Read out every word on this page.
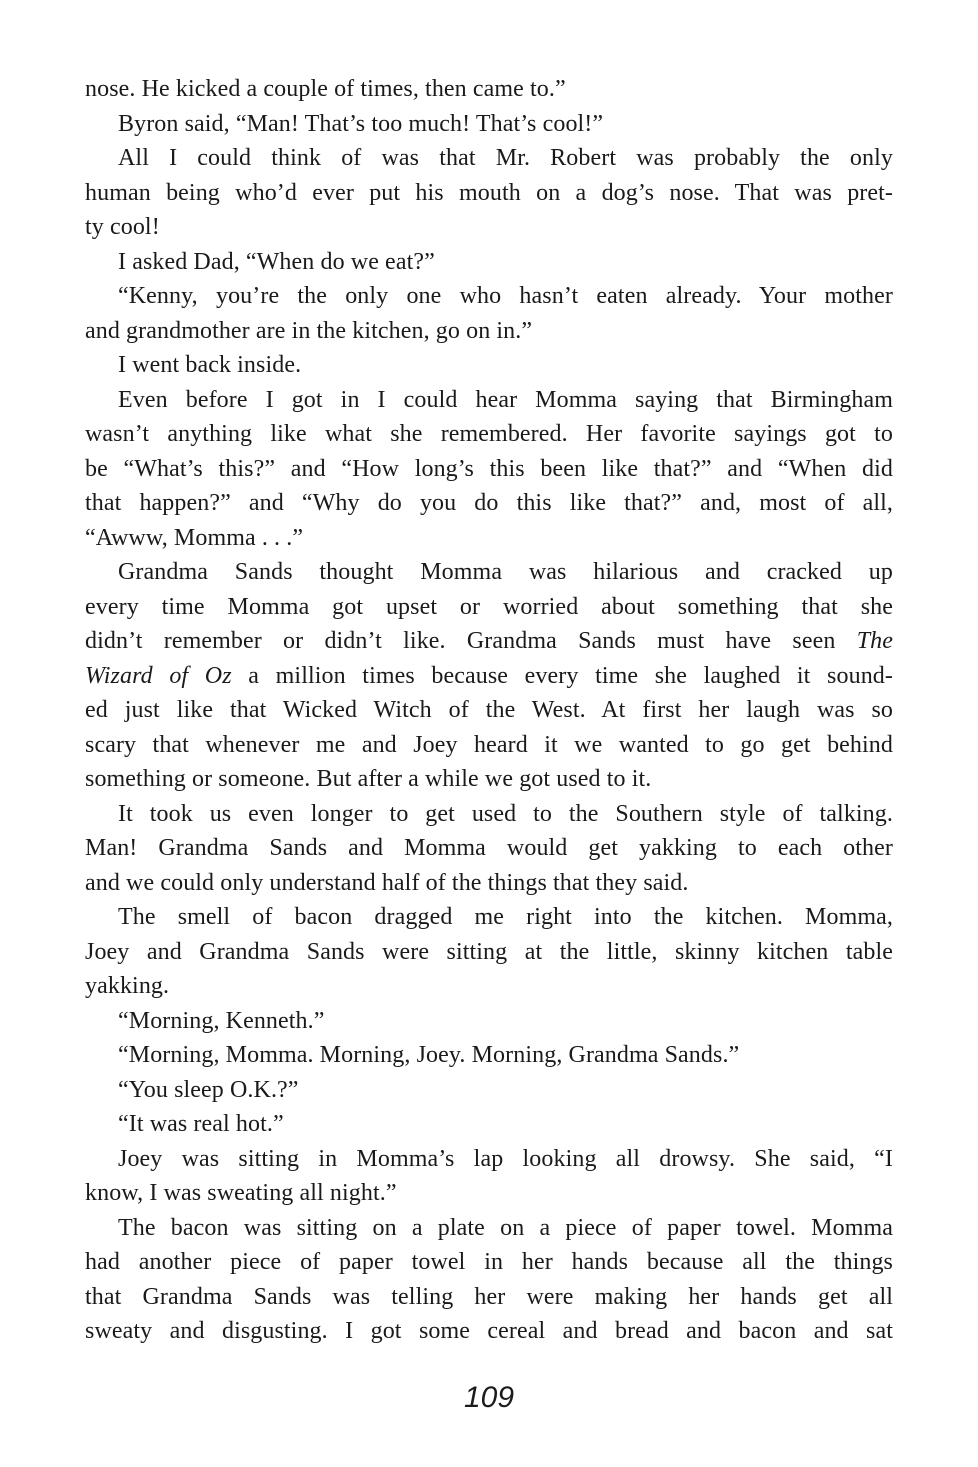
nose. He kicked a couple of times, then came to.”
Byron said, “Man! That’s too much! That’s cool!”
All I could think of was that Mr. Robert was probably the only
human being who’d ever put his mouth on a dog’s nose. That was pret-
ty cool!
I asked Dad, “When do we eat?”
“Kenny, you’re the only one who hasn’t eaten already. Your mother
and grandmother are in the kitchen, go on in.”
I went back inside.
Even before I got in I could hear Momma saying that Birmingham
wasn’t anything like what she remembered. Her favorite sayings got to
be “What’s this?” and “How long’s this been like that?” and “When did
that happen?” and “Why do you do this like that?” and, most of all,
“Awww, Momma . . .”
Grandma Sands thought Momma was hilarious and cracked up
every time Momma got upset or worried about something that she
didn’t remember or didn’t like. Grandma Sands must have seen The
Wizard of Oz a million times because every time she laughed it sound-
ed just like that Wicked Witch of the West. At first her laugh was so
scary that whenever me and Joey heard it we wanted to go get behind
something or someone. But after a while we got used to it.
It took us even longer to get used to the Southern style of talking.
Man! Grandma Sands and Momma would get yakking to each other
and we could only understand half of the things that they said.
The smell of bacon dragged me right into the kitchen. Momma,
Joey and Grandma Sands were sitting at the little, skinny kitchen table
yakking.
“Morning, Kenneth.”
“Morning, Momma. Morning, Joey. Morning, Grandma Sands.”
“You sleep O.K.?”
“It was real hot.”
Joey was sitting in Momma’s lap looking all drowsy. She said, “I
know, I was sweating all night.”
The bacon was sitting on a plate on a piece of paper towel. Momma
had another piece of paper towel in her hands because all the things
that Grandma Sands was telling her were making her hands get all
sweaty and disgusting. I got some cereal and bread and bacon and sat
109
